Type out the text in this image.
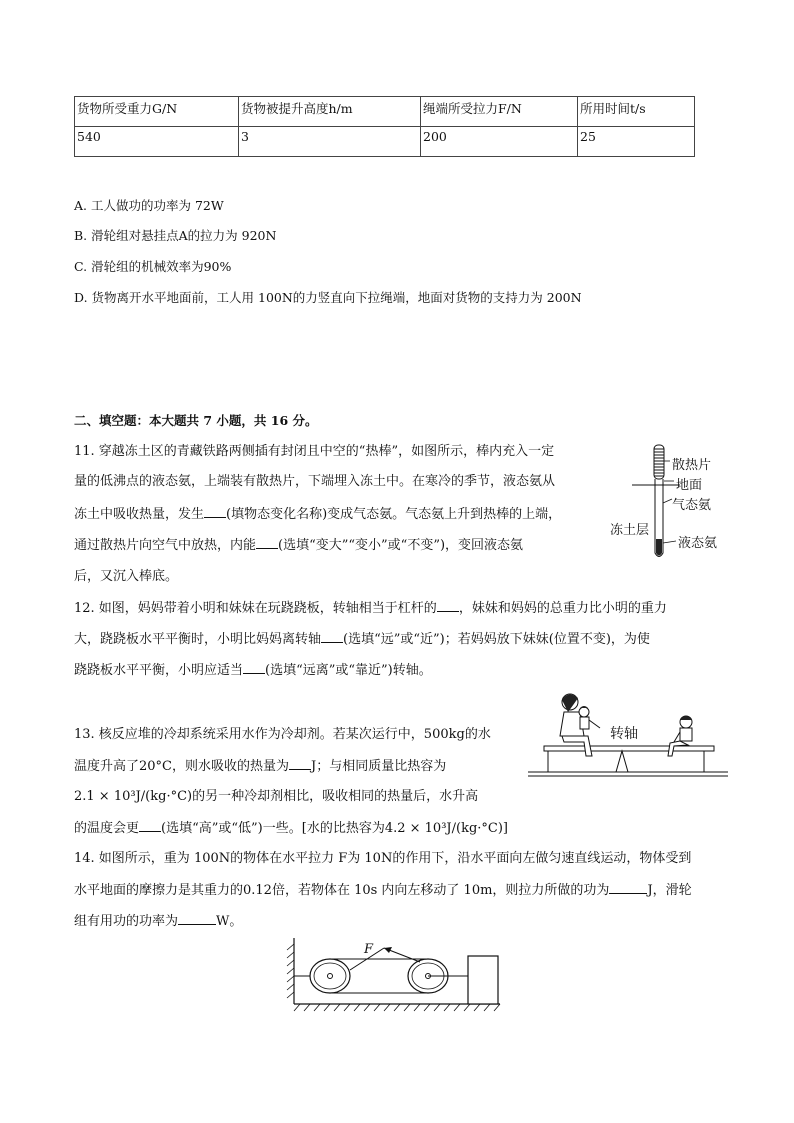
货物所受重力G/N	货物被提升高度h/m	绳端所受拉力F/N	所用时间t/s
540	3	200	25
A. 工人做功的功率为 72W
B. 滑轮组对悬挂点A的拉力为 920N
C. 滑轮组的机械效率为90%
D. 货物离开水平地面前，工人用 100N的力竖直向下拉绳端，地面对货物的支持力为 200N
二、填空题：本大题共 7 小题，共 16 分。
11. 穿越冻土区的青藏铁路两侧插有封闭且中空的“热棒”，如图所示，棒内充入一定
量的低沸点的液态氨，上端装有散热片，下端埋入冻土中。在寒冷的季节，液态氨从
冻土中吸收热量，发生 (填物态变化名称)变成气态氨。气态氨上升到热棒的上端，
通过散热片向空气中放热，内能 (选填“变大”“变小”或“不变”)，变回液态氨
后，又沉入棒底。
散热片
地面
气态氨
冻土层
液态氨
12. 如图，妈妈带着小明和妹妹在玩跷跷板，转轴相当于杠杆的 ，妹妹和妈妈的总重力比小明的重力
大，跷跷板水平平衡时，小明比妈妈离转轴 (选填“远”或“近”)；若妈妈放下妹妹(位置不变)，为使
跷跷板水平平衡，小明应适当 (选填“远离”或“靠近”)转轴。
13. 核反应堆的冷却系统采用水作为冷却剂。若某次运行中，500kg的水
温度升高了20°C，则水吸收的热量为 J；与相同质量比热容为
2.1 × 10³J/(kg·°C)的另一种冷却剂相比，吸收相同的热量后，水升高
的温度会更 (选填“高”或“低”)一些。[水的比热容为4.2 × 10³J/(kg·°C)]
转轴
14. 如图所示，重为 100N的物体在水平拉力 F为 10N的作用下，沿水平面向左做匀速直线运动，物体受到
水平地面的摩擦力是其重力的0.12倍，若物体在 10s 内向左移动了 10m，则拉力所做的功为	J，滑轮
组有用功的功率为	W。
F
